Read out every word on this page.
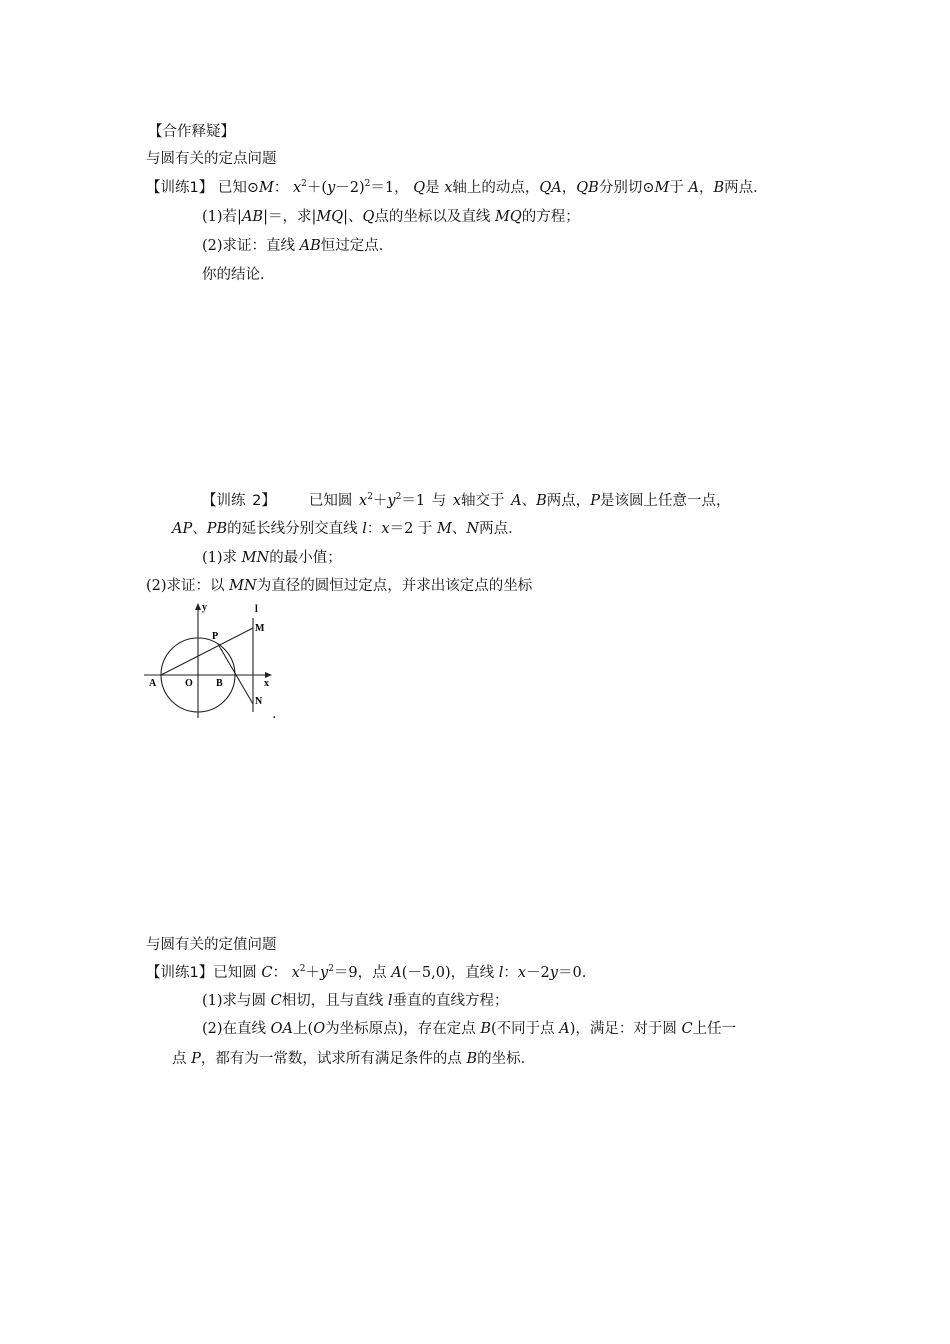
【合作释疑】
与圆有关的定点问题
【训练1】 已知⊙M： $x^2+(y-2)^2=1$， Q是 x轴上的动点，QA，QB分别切⊙M于 A，B两点．
(1)若|AB|＝，求|MQ|、Q点的坐标以及直线 MQ的方程；
(2)求证：直线 AB恒过定点．
你的结论．
【训练 2】 已知圆 $x^2+y^2=1$ 与 x轴交于 A、B两点，P是该圆上任意一点，
AP、PB的延长线分别交直线 l：x＝2 于 M、N两点．
(1)求 MN的最小值；
(2)求证：以 MN为直径的圆恒过定点，并求出该定点的坐标
y	l
M
P
A	O B	x
N
.
与圆有关的定值问题
【训练1】已知圆 C： $x^2+y^2=9$，点 A(－5,0)，直线 l：x－2y＝0.
(1)求与圆 C相切，且与直线 l垂直的直线方程；
(2)在直线 OA上(O为坐标原点)，存在定点 B(不同于点 A)，满足：对于圆 C上任一
点 P，都有为一常数，试求所有满足条件的点 B的坐标．
